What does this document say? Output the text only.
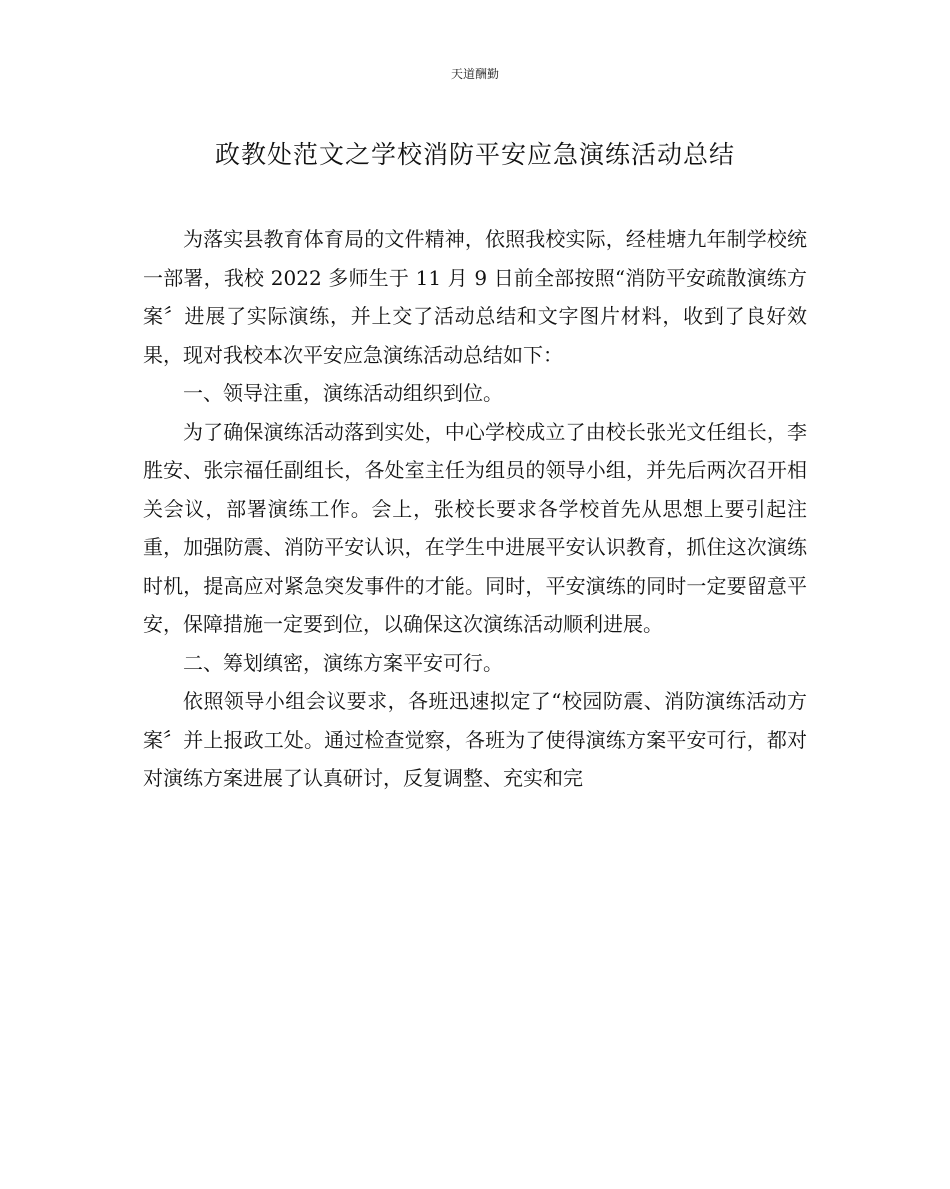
天道酬勤
政教处范文之学校消防平安应急演练活动总结

为落实县教育体育局的文件精神，依照我校实际，经桂塘九年制学校统一部署，我校 2022 多师生于 11 月 9 日前全部按照“消防平安疏散演练方案〞进展了实际演练，并上交了活动总结和文字图片材料，收到了良好效果，现对我校本次平安应急演练活动总结如下：

一、领导注重，演练活动组织到位。

为了确保演练活动落到实处，中心学校成立了由校长张光文任组长，李胜安、张宗福任副组长，各处室主任为组员的领导小组，并先后两次召开相关会议，部署演练工作。会上，张校长要求各学校首先从思想上要引起注重，加强防震、消防平安认识，在学生中进展平安认识教育，抓住这次演练时机，提高应对紧急突发事件的才能。同时，平安演练的同时一定要留意平安，保障措施一定要到位，以确保这次演练活动顺利进展。

二、筹划缜密，演练方案平安可行。

依照领导小组会议要求，各班迅速拟定了“校园防震、消防演练活动方案〞并上报政工处。通过检查觉察，各班为了使得演练方案平安可行，都对对演练方案进展了认真研讨，反复调整、充实和完
